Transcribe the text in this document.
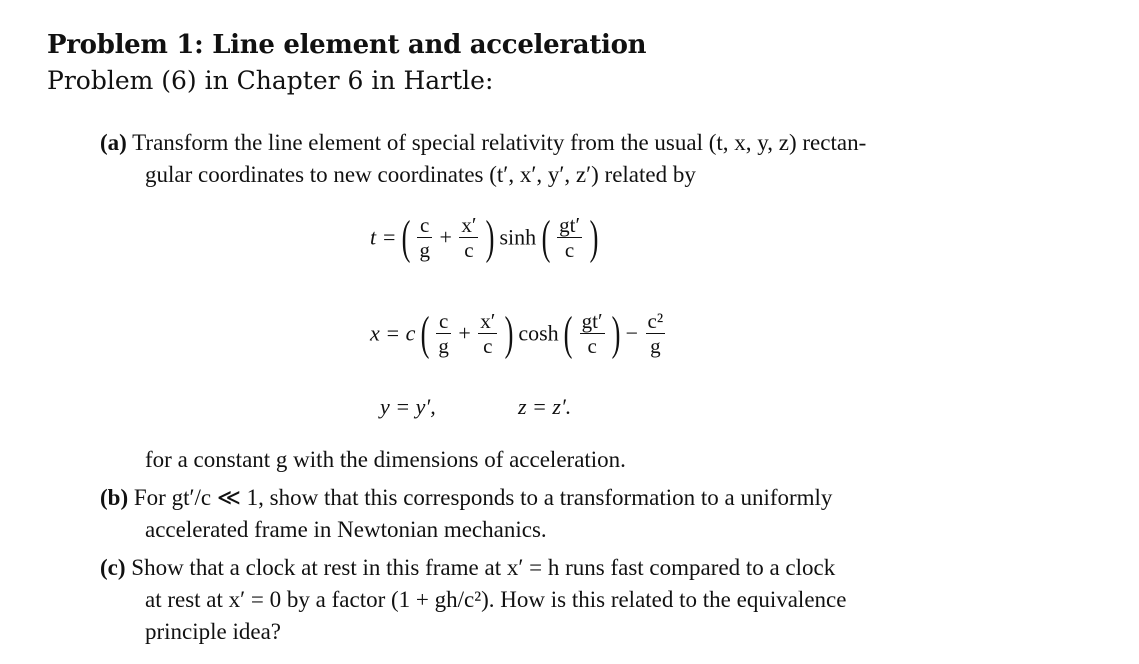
Problem 1: Line element and acceleration
Problem (6) in Chapter 6 in Hartle:
(a) Transform the line element of special relativity from the usual (t, x, y, z) rectan-
gular coordinates to new coordinates (t′, x′, y′, z′) related by
t = ( $\frac{c}{g} + \frac{x'}{c}$ ) sinh ( $\frac{gt'}{c}$ )
x = c ( $\frac{c}{g} + \frac{x'}{c}$ ) cosh ( $\frac{gt'}{c}$ ) − $\frac{\text{c²}}{g}$
y = y′,	z = z′.
for a constant g with the dimensions of acceleration.
(b) For gt′/c ≪ 1, show that this corresponds to a transformation to a uniformly
accelerated frame in Newtonian mechanics.
(c) Show that a clock at rest in this frame at x′ = h runs fast compared to a clock
at rest at x′ = 0 by a factor (1 + gh/c²). How is this related to the equivalence
principle idea?
